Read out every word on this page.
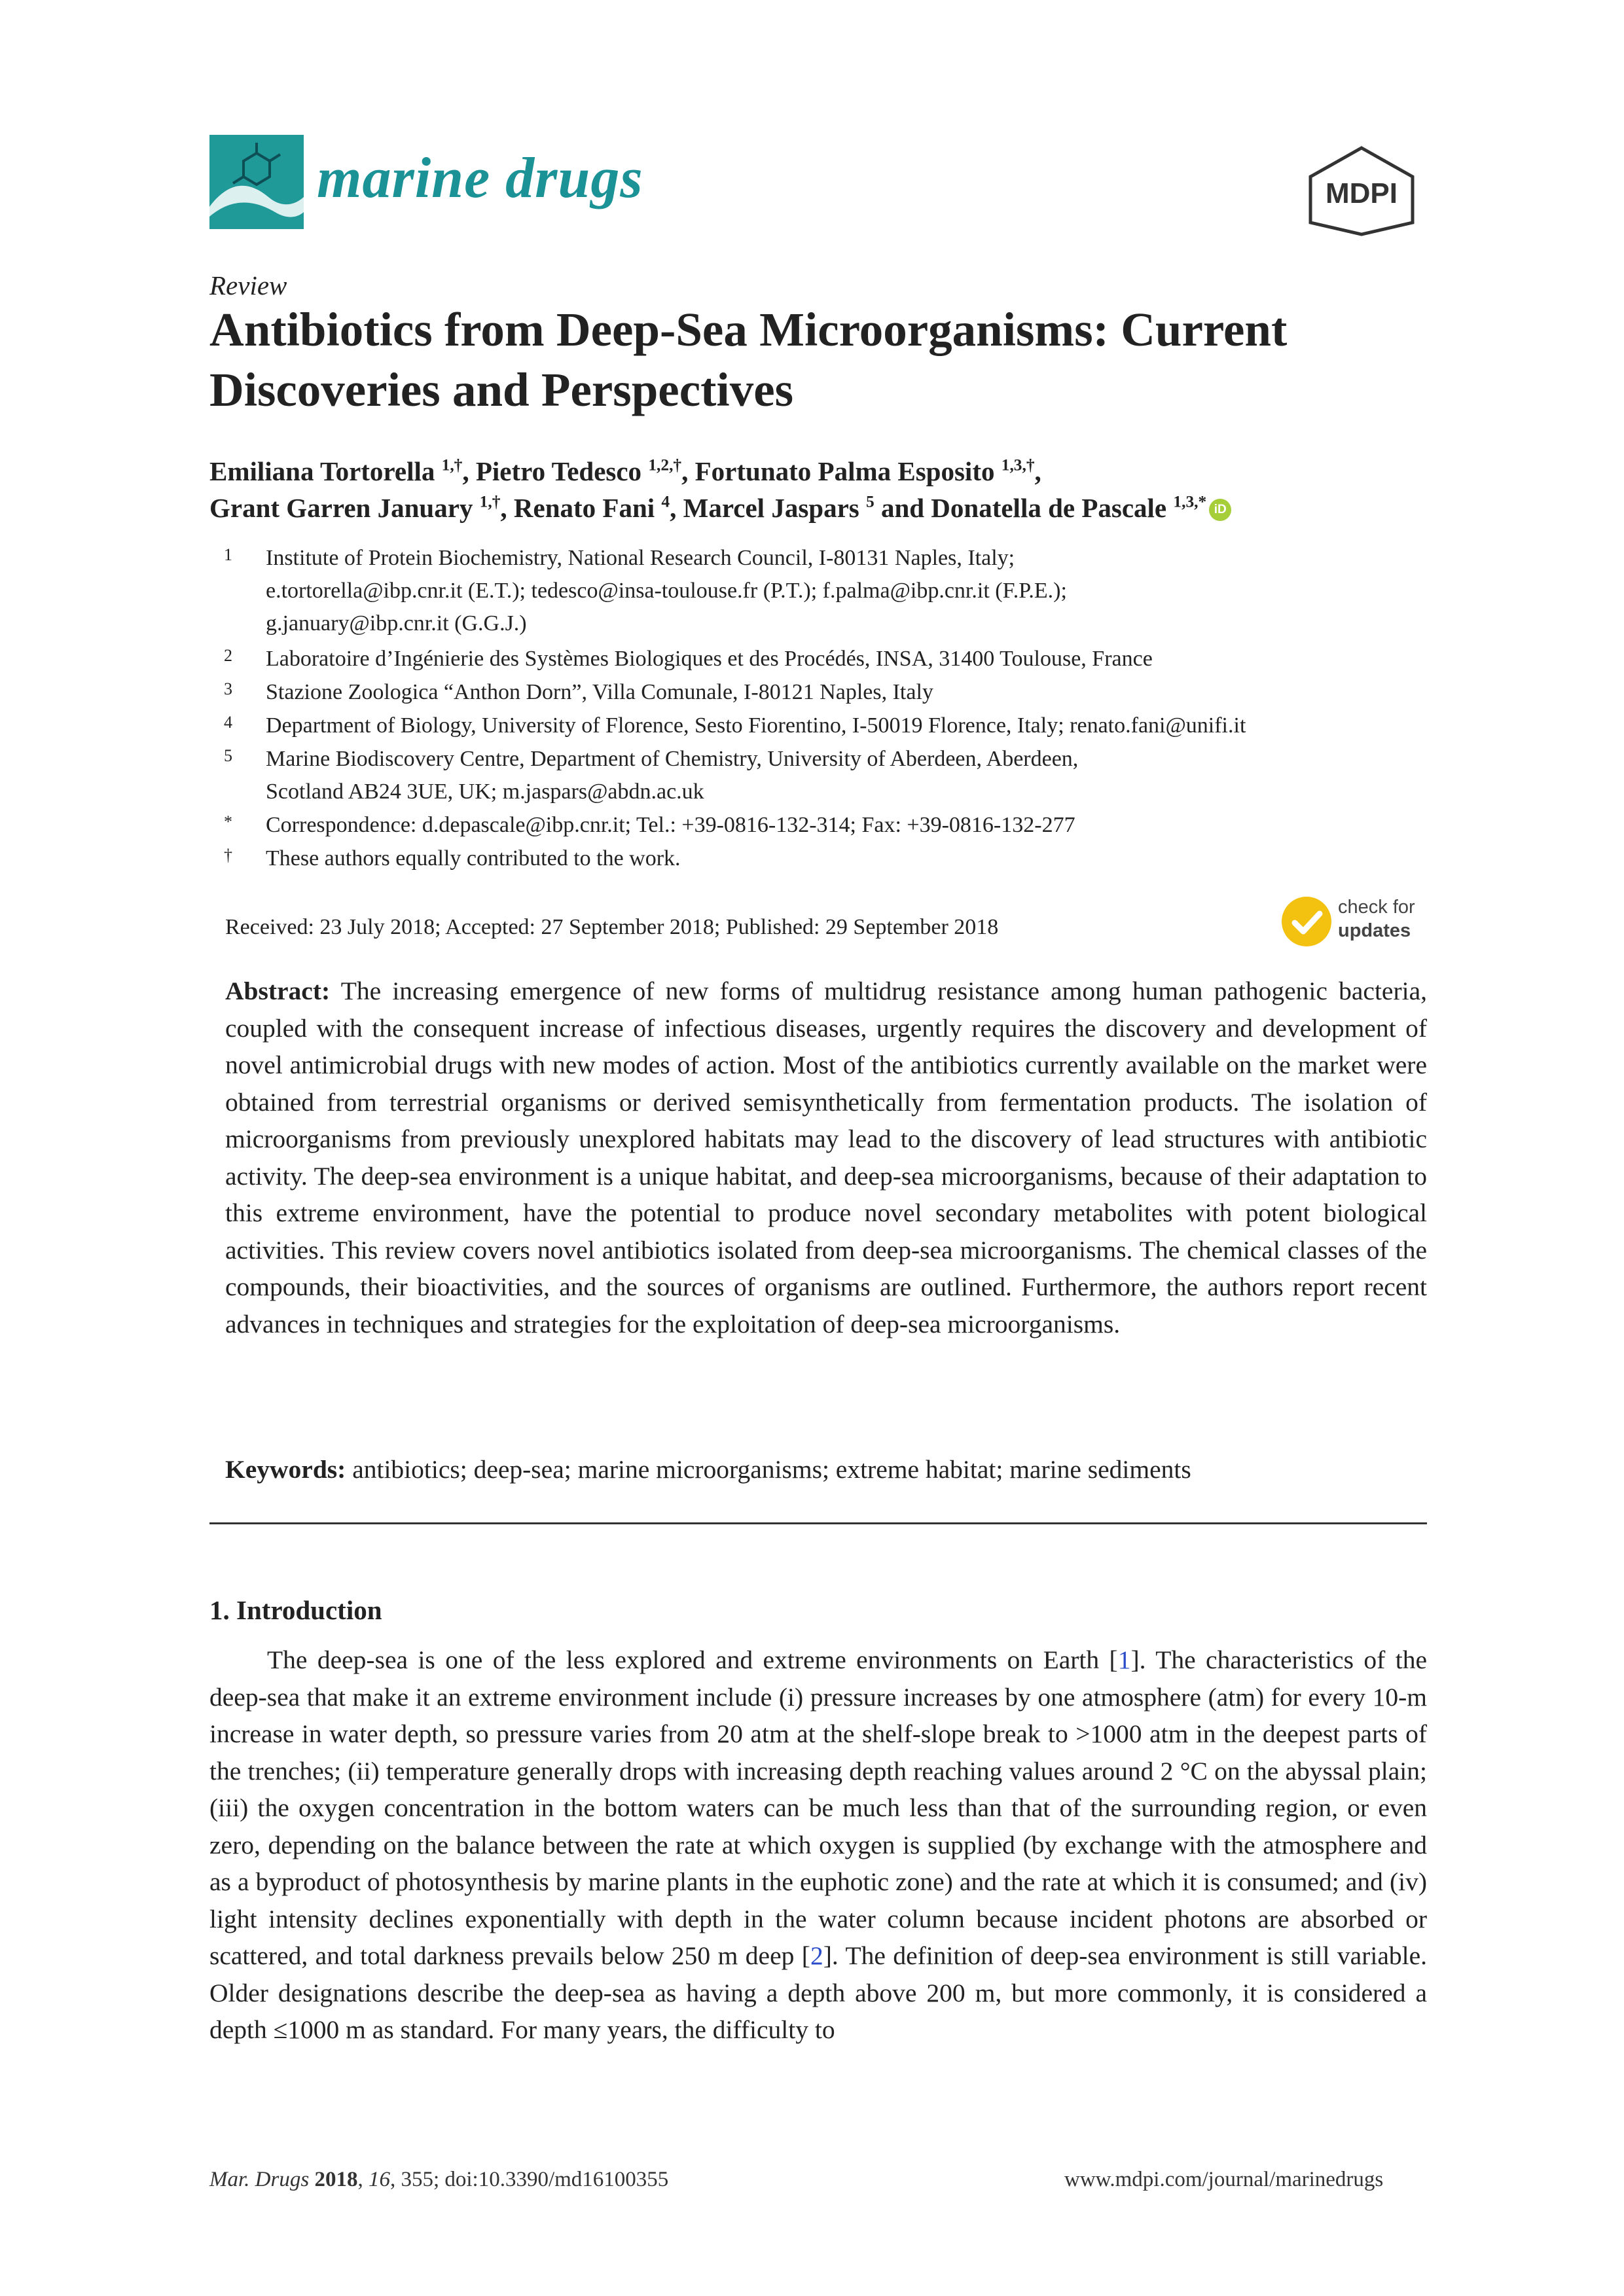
marine drugs	MDPI
Review
Antibiotics from Deep-Sea Microorganisms: Current Discoveries and Perspectives
Emiliana Tortorella $^{1,\dagger}$, Pietro Tedesco $^{1,2,\dagger}$, Fortunato Palma Esposito $^{1,3,\dagger}$,
Grant Garren January $^{1,\dagger}$, Renato Fani $^4$, Marcel Jaspars $^5$ and Donatella de Pascale $^{1,3,*}$ iD
1 Institute of Protein Biochemistry, National Research Council, I-80131 Naples, Italy;
e.tortorella@ibp.cnr.it (E.T.); tedesco@insa-toulouse.fr (P.T.); f.palma@ibp.cnr.it (F.P.E.);
g.january@ibp.cnr.it (G.G.J.)
2 Laboratoire d’Ingénierie des Systèmes Biologiques et des Procédés, INSA, 31400 Toulouse, France
3 Stazione Zoologica “Anthon Dorn”, Villa Comunale, I-80121 Naples, Italy
4 Department of Biology, University of Florence, Sesto Fiorentino, I-50019 Florence, Italy; renato.fani@unifi.it
5 Marine Biodiscovery Centre, Department of Chemistry, University of Aberdeen, Aberdeen,
Scotland AB24 3UE, UK; m.jaspars@abdn.ac.uk
* Correspondence: d.depascale@ibp.cnr.it; Tel.: +39-0816-132-314; Fax: +39-0816-132-277
† These authors equally contributed to the work.
Received: 23 July 2018; Accepted: 27 September 2018; Published: 29 September 2018
check for
updates
Abstract: The increasing emergence of new forms of multidrug resistance among human pathogenic bacteria, coupled with the consequent increase of infectious diseases, urgently requires the discovery and development of novel antimicrobial drugs with new modes of action. Most of the antibiotics currently available on the market were obtained from terrestrial organisms or derived semisynthetically from fermentation products. The isolation of microorganisms from previously unexplored habitats may lead to the discovery of lead structures with antibiotic activity. The deep-sea environment is a unique habitat, and deep-sea microorganisms, because of their adaptation to this extreme environment, have the potential to produce novel secondary metabolites with potent biological activities. This review covers novel antibiotics isolated from deep-sea microorganisms. The chemical classes of the compounds, their bioactivities, and the sources of organisms are outlined. Furthermore, the authors report recent advances in techniques and strategies for the exploitation of deep-sea microorganisms.
Keywords: antibiotics; deep-sea; marine microorganisms; extreme habitat; marine sediments
1. Introduction
The deep-sea is one of the less explored and extreme environments on Earth [1]. The characteristics of the deep-sea that make it an extreme environment include (i) pressure increases by one atmosphere (atm) for every 10-m increase in water depth, so pressure varies from 20 atm at the shelf-slope break to >1000 atm in the deepest parts of the trenches; (ii) temperature generally drops with increasing depth reaching values around 2 °C on the abyssal plain; (iii) the oxygen concentration in the bottom waters can be much less than that of the surrounding region, or even zero, depending on the balance between the rate at which oxygen is supplied (by exchange with the atmosphere and as a byproduct of photosynthesis by marine plants in the euphotic zone) and the rate at which it is consumed; and (iv) light intensity declines exponentially with depth in the water column because incident photons are absorbed or scattered, and total darkness prevails below 250 m deep [2]. The definition of deep-sea environment is still variable. Older designations describe the deep-sea as having a depth above 200 m, but more commonly, it is considered a depth ≤1000 m as standard. For many years, the difficulty to
Mar. Drugs 2018, 16, 355; doi:10.3390/md16100355	www.mdpi.com/journal/marinedrugs
